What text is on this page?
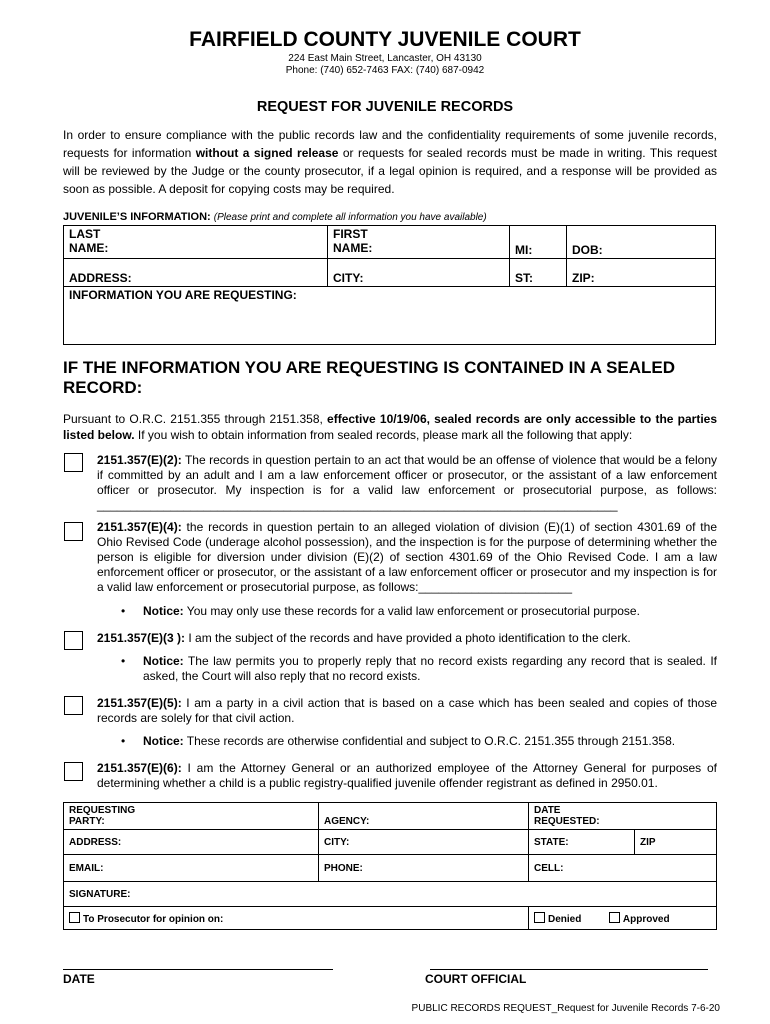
FAIRFIELD COUNTY JUVENILE COURT
224 East Main Street, Lancaster, OH 43130
Phone: (740) 652-7463 FAX: (740) 687-0942
REQUEST FOR JUVENILE RECORDS
In order to ensure compliance with the public records law and the confidentiality requirements of some juvenile records, requests for information without a signed release or requests for sealed records must be made in writing. This request will be reviewed by the Judge or the county prosecutor, if a legal opinion is required, and a response will be provided as soon as possible. A deposit for copying costs may be required.
JUVENILE’S INFORMATION: (Please print and complete all information you have available)
LAST NAME:	FIRST NAME:	MI:	DOB:
ADDRESS:	CITY:	ST:	ZIP:
INFORMATION YOU ARE REQUESTING:			
IF THE INFORMATION YOU ARE REQUESTING IS CONTAINED IN A SEALED RECORD:
Pursuant to O.R.C. 2151.355 through 2151.358, effective 10/19/06, sealed records are only accessible to the parties listed below. If you wish to obtain information from sealed records, please mark all the following that apply:
2151.357(E)(2): The records in question pertain to an act that would be an offense of violence that would be a felony if committed by an adult and I am a law enforcement officer or prosecutor, or the assistant of a law enforcement officer or prosecutor. My inspection is for a valid law enforcement or prosecutorial purpose, as follows: ______________________________________________________________________________
2151.357(E)(4): the records in question pertain to an alleged violation of division (E)(1) of section 4301.69 of the Ohio Revised Code (underage alcohol possession), and the inspection is for the purpose of determining whether the person is eligible for diversion under division (E)(2) of section 4301.69 of the Ohio Revised Code. I am a law enforcement officer or prosecutor, or the assistant of a law enforcement officer or prosecutor and my inspection is for a valid law enforcement or prosecutorial purpose, as follows:_______________________
• Notice: You may only use these records for a valid law enforcement or prosecutorial purpose.
2151.357(E)(3 ): I am the subject of the records and have provided a photo identification to the clerk.
• Notice: The law permits you to properly reply that no record exists regarding any record that is sealed. If asked, the Court will also reply that no record exists.
2151.357(E)(5): I am a party in a civil action that is based on a case which has been sealed and copies of those records are solely for that civil action.
• Notice: These records are otherwise confidential and subject to O.R.C. 2151.355 through 2151.358.
2151.357(E)(6): I am the Attorney General or an authorized employee of the Attorney General for purposes of determining whether a child is a public registry-qualified juvenile offender registrant as defined in 2950.01.
REQUESTING PARTY:	AGENCY:	DATE REQUESTED:	

ADDRESS:	CITY:	STATE:	ZIP
EMAIL:	PHONE:	CELL:	
SIGNATURE:			
To Prosecutor for opinion on:		Denied Approved	
DATE	COURT OFFICIAL
PUBLIC RECORDS REQUEST_Request for Juvenile Records 7-6-20
